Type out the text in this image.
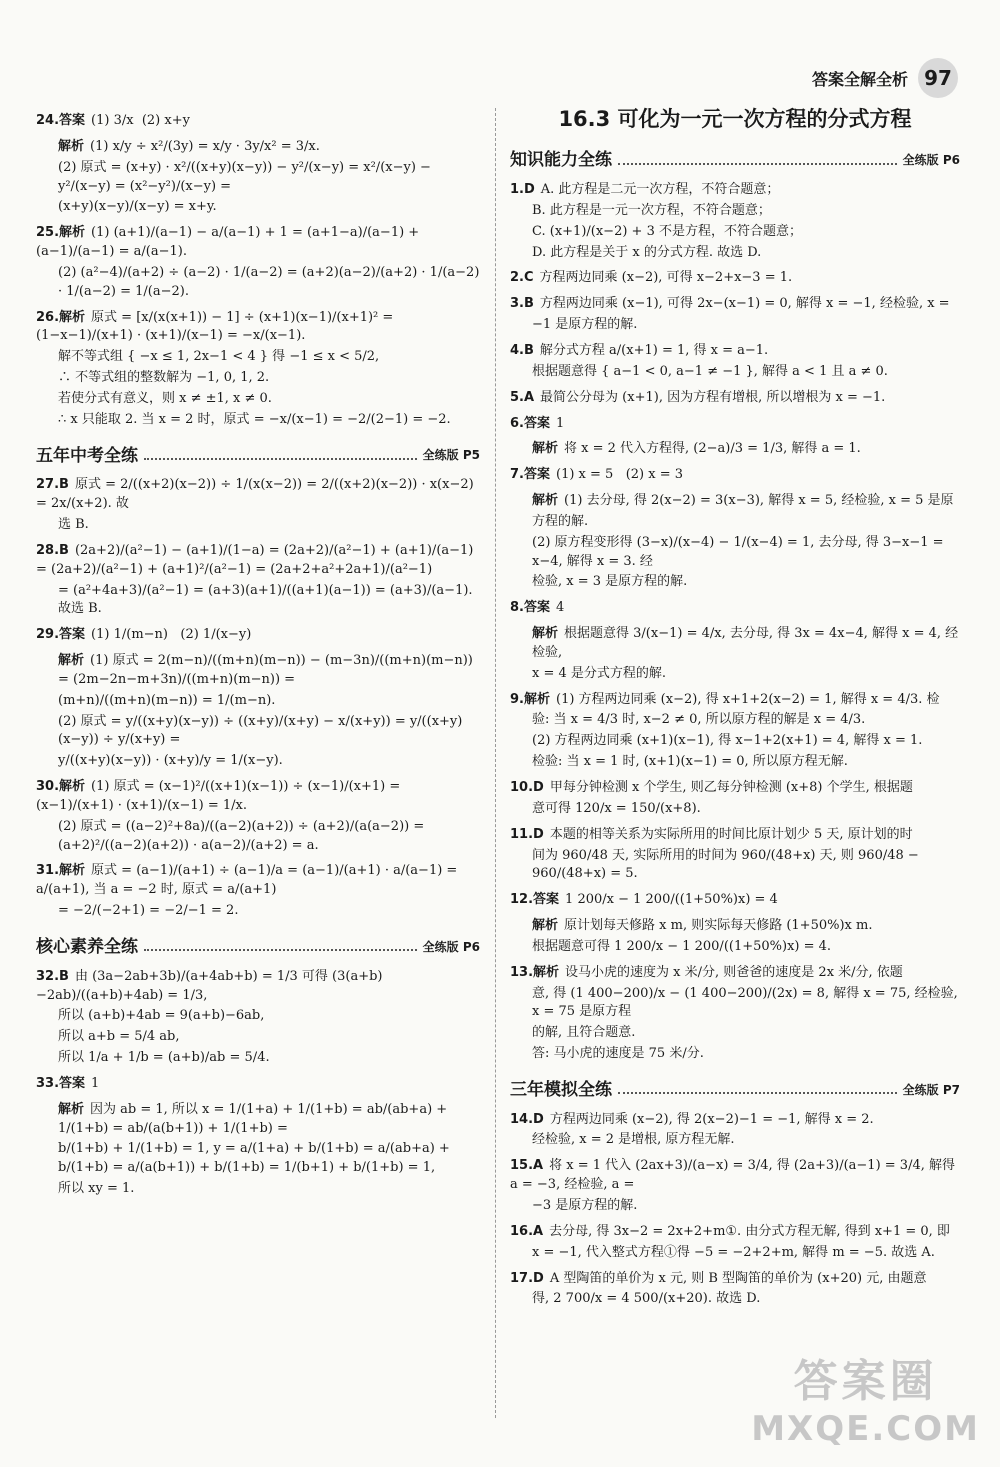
答案全解全析 97
24.答案 (1) 3/x  (2) x+y
解析 (1) x/y ÷ x²/(3y) = x/y · 3y/x² = 3/x.
(2) 原式 = (x+y) · x²/((x+y)(x−y)) − y²/(x−y) = x²/(x−y) − y²/(x−y) = (x²−y²)/(x−y) =
(x+y)(x−y)/(x−y) = x+y.
25.解析 (1) (a+1)/(a−1) − a/(a−1) + 1 = (a+1−a)/(a−1) + (a−1)/(a−1) = a/(a−1).
(2) (a²−4)/(a+2) ÷ (a−2) · 1/(a−2) = (a+2)(a−2)/(a+2) · 1/(a−2) · 1/(a−2) = 1/(a−2).
26.解析 原式 = [x/(x(x+1)) − 1] ÷ (x+1)(x−1)/(x+1)² = (1−x−1)/(x+1) · (x+1)/(x−1) = −x/(x−1).
解不等式组 { −x ≤ 1, 2x−1 < 4 } 得 −1 ≤ x < 5/2,
∴ 不等式组的整数解为 −1, 0, 1, 2.
若使分式有意义，则 x ≠ ±1, x ≠ 0.
∴ x 只能取 2. 当 x = 2 时，原式 = −x/(x−1) = −2/(2−1) = −2.
五年中考全练	全练版 P5
27.B 原式 = 2/((x+2)(x−2)) ÷ 1/(x(x−2)) = 2/((x+2)(x−2)) · x(x−2) = 2x/(x+2). 故
选 B.
28.B (2a+2)/(a²−1) − (a+1)/(1−a) = (2a+2)/(a²−1) + (a+1)/(a−1) = (2a+2)/(a²−1) + (a+1)²/(a²−1) = (2a+2+a²+2a+1)/(a²−1)
= (a²+4a+3)/(a²−1) = (a+3)(a+1)/((a+1)(a−1)) = (a+3)/(a−1). 故选 B.
29.答案 (1) 1/(m−n)   (2) 1/(x−y)
解析 (1) 原式 = 2(m−n)/((m+n)(m−n)) − (m−3n)/((m+n)(m−n)) = (2m−2n−m+3n)/((m+n)(m−n)) =
(m+n)/((m+n)(m−n)) = 1/(m−n).
(2) 原式 = y/((x+y)(x−y)) ÷ ((x+y)/(x+y) − x/(x+y)) = y/((x+y)(x−y)) ÷ y/(x+y) =
y/((x+y)(x−y)) · (x+y)/y = 1/(x−y).
30.解析 (1) 原式 = (x−1)²/((x+1)(x−1)) ÷ (x−1)/(x+1) = (x−1)/(x+1) · (x+1)/(x−1) = 1/x.
(2) 原式 = ((a−2)²+8a)/((a−2)(a+2)) ÷ (a+2)/(a(a−2)) = (a+2)²/((a−2)(a+2)) · a(a−2)/(a+2) = a.
31.解析 原式 = (a−1)/(a+1) ÷ (a−1)/a = (a−1)/(a+1) · a/(a−1) = a/(a+1), 当 a = −2 时, 原式 = a/(a+1)
= −2/(−2+1) = −2/−1 = 2.
核心素养全练	全练版 P6
32.B 由 (3a−2ab+3b)/(a+4ab+b) = 1/3 可得 (3(a+b)−2ab)/((a+b)+4ab) = 1/3,
所以 (a+b)+4ab = 9(a+b)−6ab,
所以 a+b = 5/4 ab,
所以 1/a + 1/b = (a+b)/ab = 5/4.
33.答案 1
解析 因为 ab = 1, 所以 x = 1/(1+a) + 1/(1+b) = ab/(ab+a) + 1/(1+b) = ab/(a(b+1)) + 1/(1+b) =
b/(1+b) + 1/(1+b) = 1, y = a/(1+a) + b/(1+b) = a/(ab+a) + b/(1+b) = a/(a(b+1)) + b/(1+b) = 1/(b+1) + b/(1+b) = 1,
所以 xy = 1.
16.3 可化为一元一次方程的分式方程
知识能力全练	全练版 P6
1.D A. 此方程是二元一次方程，不符合题意；
B. 此方程是一元一次方程，不符合题意；
C. (x+1)/(x−2) + 3 不是方程，不符合题意；
D. 此方程是关于 x 的分式方程. 故选 D.
2.C 方程两边同乘 (x−2), 可得 x−2+x−3 = 1.
3.B 方程两边同乘 (x−1), 可得 2x−(x−1) = 0, 解得 x = −1, 经检验, x =
−1 是原方程的解.
4.B 解分式方程 a/(x+1) = 1, 得 x = a−1.
根据题意得 { a−1 < 0, a−1 ≠ −1 }, 解得 a < 1 且 a ≠ 0.
5.A 最简公分母为 (x+1), 因为方程有增根, 所以增根为 x = −1.
6.答案 1
解析 将 x = 2 代入方程得, (2−a)/3 = 1/3, 解得 a = 1.
7.答案 (1) x = 5   (2) x = 3
解析 (1) 去分母, 得 2(x−2) = 3(x−3), 解得 x = 5, 经检验, x = 5 是原
方程的解.
(2) 原方程变形得 (3−x)/(x−4) − 1/(x−4) = 1, 去分母, 得 3−x−1 = x−4, 解得 x = 3. 经
检验, x = 3 是原方程的解.
8.答案 4
解析 根据题意得 3/(x−1) = 4/x, 去分母, 得 3x = 4x−4, 解得 x = 4, 经检验,
x = 4 是分式方程的解.
9.解析 (1) 方程两边同乘 (x−2), 得 x+1+2(x−2) = 1, 解得 x = 4/3. 检
验: 当 x = 4/3 时, x−2 ≠ 0, 所以原方程的解是 x = 4/3.
(2) 方程两边同乘 (x+1)(x−1), 得 x−1+2(x+1) = 4, 解得 x = 1.
检验: 当 x = 1 时, (x+1)(x−1) = 0, 所以原方程无解.
10.D 甲每分钟检测 x 个学生, 则乙每分钟检测 (x+8) 个学生, 根据题
意可得 120/x = 150/(x+8).
11.D 本题的相等关系为实际所用的时间比原计划少 5 天, 原计划的时
间为 960/48 天, 实际所用的时间为 960/(48+x) 天, 则 960/48 − 960/(48+x) = 5.
12.答案 1 200/x − 1 200/((1+50%)x) = 4
解析 原计划每天修路 x m, 则实际每天修路 (1+50%)x m.
根据题意可得 1 200/x − 1 200/((1+50%)x) = 4.
13.解析 设马小虎的速度为 x 米/分, 则爸爸的速度是 2x 米/分, 依题
意, 得 (1 400−200)/x − (1 400−200)/(2x) = 8, 解得 x = 75, 经检验, x = 75 是原方程
的解, 且符合题意.
答: 马小虎的速度是 75 米/分.
三年模拟全练	全练版 P7
14.D 方程两边同乘 (x−2), 得 2(x−2)−1 = −1, 解得 x = 2.
经检验, x = 2 是增根, 原方程无解.
15.A 将 x = 1 代入 (2ax+3)/(a−x) = 3/4, 得 (2a+3)/(a−1) = 3/4, 解得 a = −3, 经检验, a =
−3 是原方程的解.
16.A 去分母, 得 3x−2 = 2x+2+m①. 由分式方程无解, 得到 x+1 = 0, 即
x = −1, 代入整式方程①得 −5 = −2+2+m, 解得 m = −5. 故选 A.
17.D A 型陶笛的单价为 x 元, 则 B 型陶笛的单价为 (x+20) 元, 由题意
得, 2 700/x = 4 500/(x+20). 故选 D.
答案圈
MXQE.COM
